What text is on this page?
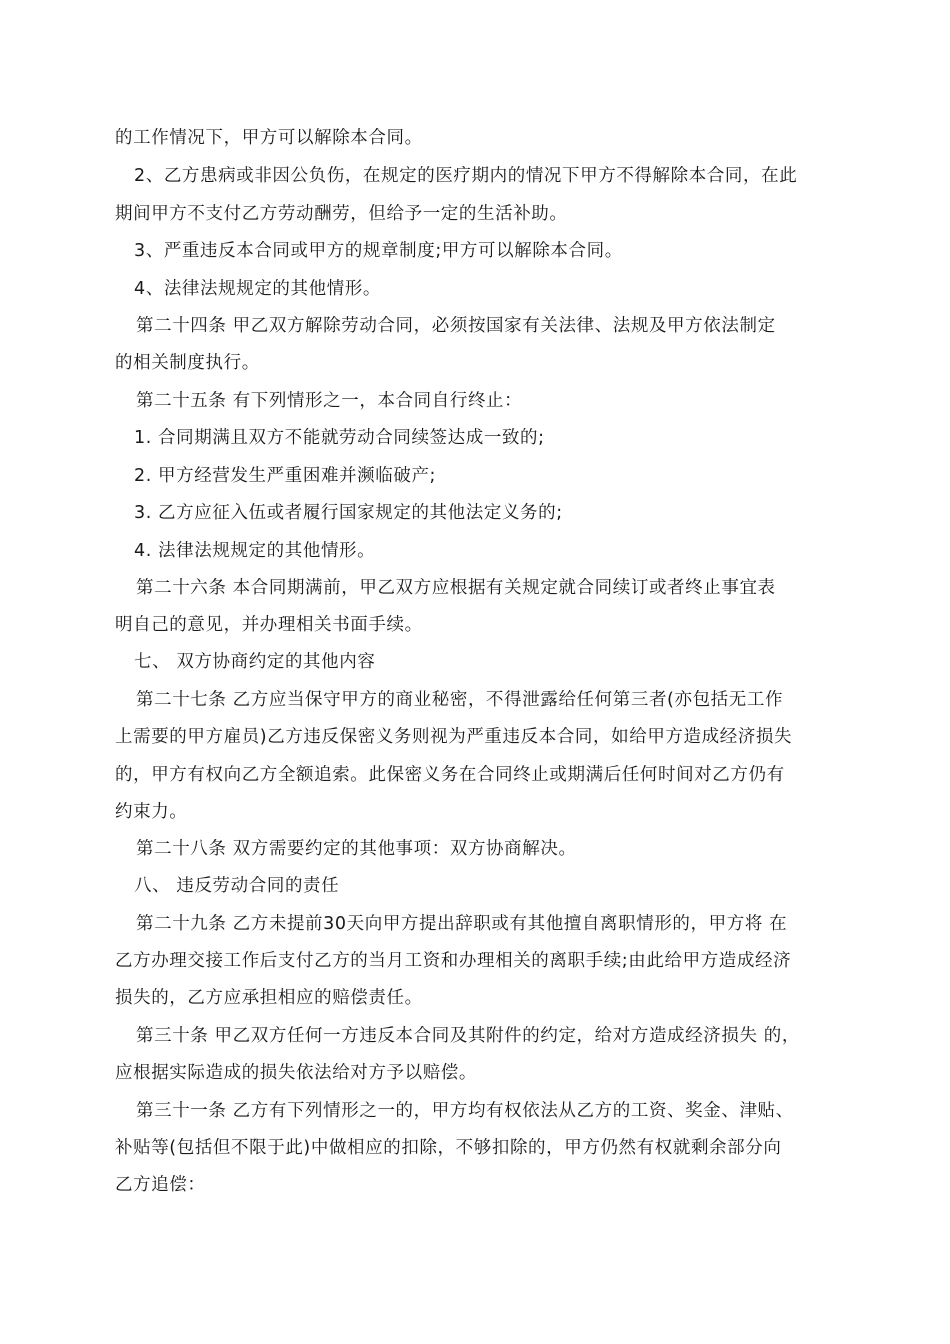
的工作情况下，甲方可以解除本合同。
2、乙方患病或非因公负伤，在规定的医疗期内的情况下甲方不得解除本合同，在此
期间甲方不支付乙方劳动酬劳，但给予一定的生活补助。
3、严重违反本合同或甲方的规章制度;甲方可以解除本合同。
4、法律法规规定的其他情形。
第二十四条 甲乙双方解除劳动合同，必须按国家有关法律、法规及甲方依法制定
的相关制度执行。
第二十五条 有下列情形之一，本合同自行终止：
1. 合同期满且双方不能就劳动合同续签达成一致的;
2. 甲方经营发生严重困难并濒临破产;
3. 乙方应征入伍或者履行国家规定的其他法定义务的;
4. 法律法规规定的其他情形。
第二十六条 本合同期满前，甲乙双方应根据有关规定就合同续订或者终止事宜表
明自己的意见，并办理相关书面手续。
七、 双方协商约定的其他内容
第二十七条 乙方应当保守甲方的商业秘密，不得泄露给任何第三者(亦包括无工作
上需要的甲方雇员)乙方违反保密义务则视为严重违反本合同，如给甲方造成经济损失
的，甲方有权向乙方全额追索。此保密义务在合同终止或期满后任何时间对乙方仍有
约束力。
第二十八条 双方需要约定的其他事项：双方协商解决。
八、 违反劳动合同的责任
第二十九条 乙方未提前30天向甲方提出辞职或有其他擅自离职情形的，甲方将 在
乙方办理交接工作后支付乙方的当月工资和办理相关的离职手续;由此给甲方造成经济
损失的，乙方应承担相应的赔偿责任。
第三十条 甲乙双方任何一方违反本合同及其附件的约定，给对方造成经济损失 的，
应根据实际造成的损失依法给对方予以赔偿。
第三十一条 乙方有下列情形之一的，甲方均有权依法从乙方的工资、奖金、津贴、
补贴等(包括但不限于此)中做相应的扣除，不够扣除的，甲方仍然有权就剩余部分向
乙方追偿：
